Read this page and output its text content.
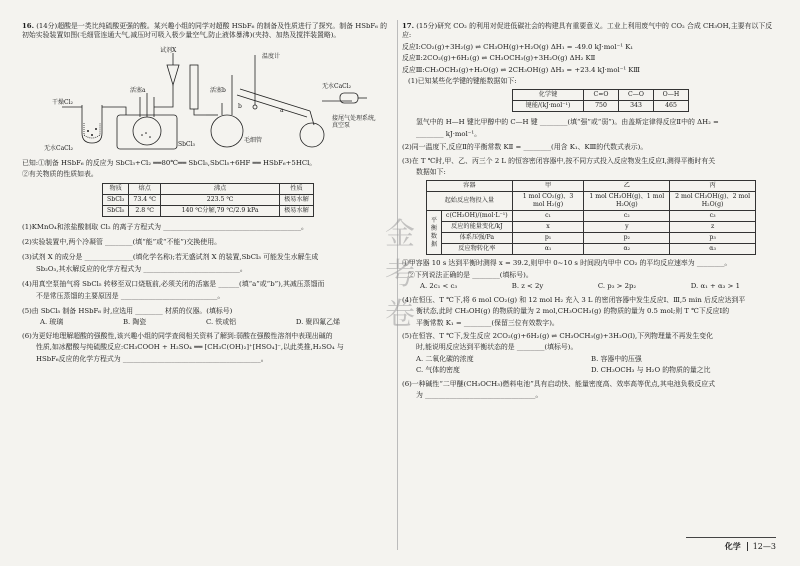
16. (14分)超酸是一类比纯硫酸更强的酸。某兴趣小组的同学对超酸 HSbF₆ 的制备及性质进行了探究。制备 HSbF₆ 的初始实验装置如图(毛细管连通大气,减压时可吸入极少量空气,防止液体暴沸)(夹持、加热及搅拌装置略)。

试剂X
温度计
干燥Cl₂
活塞a	活塞b
无水CaCl₂
SbCl₃
毛细管
无水CaCl₂
接尾气处理系统,真空泵
b
a

已知:①制备 HSbF₆ 的反应为 SbCl₃+Cl₂ ══80℃══ SbCl₅,SbCl₅+6HF ══ HSbF₆+5HCl。

②有关物质的性质如表。

物质	熔点	沸点	性质
SbCl₃	73.4 ℃	223.5 ℃	极易水解
SbCl₅	2.8 ℃	140 ℃分解,79 ℃/2.9 kPa	极易水解

(1)KMnO₄和浓盐酸制取 Cl₂ 的离子方程式为 ________________________________________。

(2)实验装置中,两个冷凝管 ________(填“能”或“不能”)交换使用。

(3)试剂 X 的成分是 ______________(填化学名称);若无盛试剂 X 的装置,SbCl₃ 可能发生水解生成

Sb₂O₃,其水解反应的化学方程式为 ____________________________。

(4)用真空泵抽气将 SbCl₅ 转移至双口烧瓶前,必须关闭的活塞是 ______(填“a”或“b”),其减压蒸馏而

不是常压蒸馏的主要原因是 ____________________________。

(5)由 SbCl₅ 制备 HSbF₆ 时,应选用 ________ 材质的仪器。(填标号)

A. 玻璃	B. 陶瓷	C. 铁或铝	D. 聚四氟乙烯

(6)为更好地理解超酸的强酸性,该兴趣小组的同学查阅相关资料了解到:弱酸在强酸性溶剂中表现出碱的

性质,如冰醋酸与纯硫酸反应:CH₃COOH + H₂SO₄ ══ [CH₃C(OH)₂]⁺[HSO₄]⁻,以此类推,H₂SO₄ 与

HSbF₆反应的化学方程式为 ________________________________________。

金考卷

17. (15分)研究 CO₂ 的利用对促进低碳社会的构建具有重要意义。工业上利用废气中的 CO₂ 合成 CH₃OH,主要有以下反应:

反应Ⅰ:CO₂(g)+3H₂(g) ⇌ CH₃OH(g)+H₂O(g) ΔH₁ = -49.0 kJ·mol⁻¹ K₁

反应Ⅱ:2CO₂(g)+6H₂(g) ⇌ CH₃OCH₃(g)+3H₂O(g) ΔH₂ KⅡ

反应Ⅲ:CH₃OCH₃(g)+H₂O(g) ⇌ 2CH₃OH(g) ΔH₃ = +23.4 kJ·mol⁻¹ KⅢ

(1)已知某些化学键的键能数据如下:

化学键	C=O	C—O	O—H
键能/(kJ·mol⁻¹)	750	343	465

氢气中的 H—H 键比甲醇中的 C—H 键 ________(填“强”或“弱”)。由盖斯定律得反应Ⅱ中的 ΔH₂ =

________ kJ·mol⁻¹。

(2)同一温度下,反应Ⅱ的平衡常数 KⅡ = ________(用含 K₁、KⅢ的代数式表示)。

(3)在 T ℃时,甲、乙、丙三个 2 L 的恒容密闭容器中,按不同方式投入反应物发生反应Ⅰ,测得平衡时有关

数据如下:

容器		甲	乙	丙
起始反应物投入量		1 mol CO₂(g)、3 mol H₂(g)	1 mol CH₃OH(g)、1 mol H₂O(g)	2 mol CH₃OH(g)、2 mol H₂O(g)
平衡数据	c(CH₃OH)/(mol·L⁻¹)	c₁	c₂	c₃
	反应的能量变化/kJ	x	y	z
	体系压强/Pa	p₁	p₂	p₃
	反应物转化率	α₁	α₂	α₃

①甲容器 10 s 达到平衡时测得 x = 39.2,则甲中 0~10 s 时间段内甲中 CO₂ 的平均反应速率为 ________。

②下列说法正确的是 ________(填标号)。

A. 2c₁ < c₃	B. z < 2y	C. p₃ > 2p₂	D. α₁ + α₃ > 1

(4)在恒压、T ℃下,将 6 mol CO₂(g) 和 12 mol H₂ 充入 3 L 的密闭容器中发生反应Ⅰ、Ⅲ,5 min 后反应达到平

衡状态,此时 CH₃OH(g) 的物质的量为 2 mol,CH₃OCH₃(g) 的物质的量为 0.5 mol;则 T ℃下反应Ⅰ的

平衡常数 K₁ = ________(保留三位有效数字)。

(5)在恒容、T ℃下,发生反应 2CO₂(g)+6H₂(g) ⇌ CH₃OCH₃(g)+3H₂O(l),下列物理量不再发生变化

时,能说明反应达到平衡状态的是 ________(填标号)。

A. 二氧化碳的浓度	B. 容器中的压强
C. 气体的密度	D. CH₃OCH₃ 与 H₂O 的物质的量之比

(6)一种碱性“二甲醚(CH₃OCH₃)燃料电池”具有启动快、能量密度高、效率高等优点,其电池负极反应式

为 ________________________________。

化学	12—3
